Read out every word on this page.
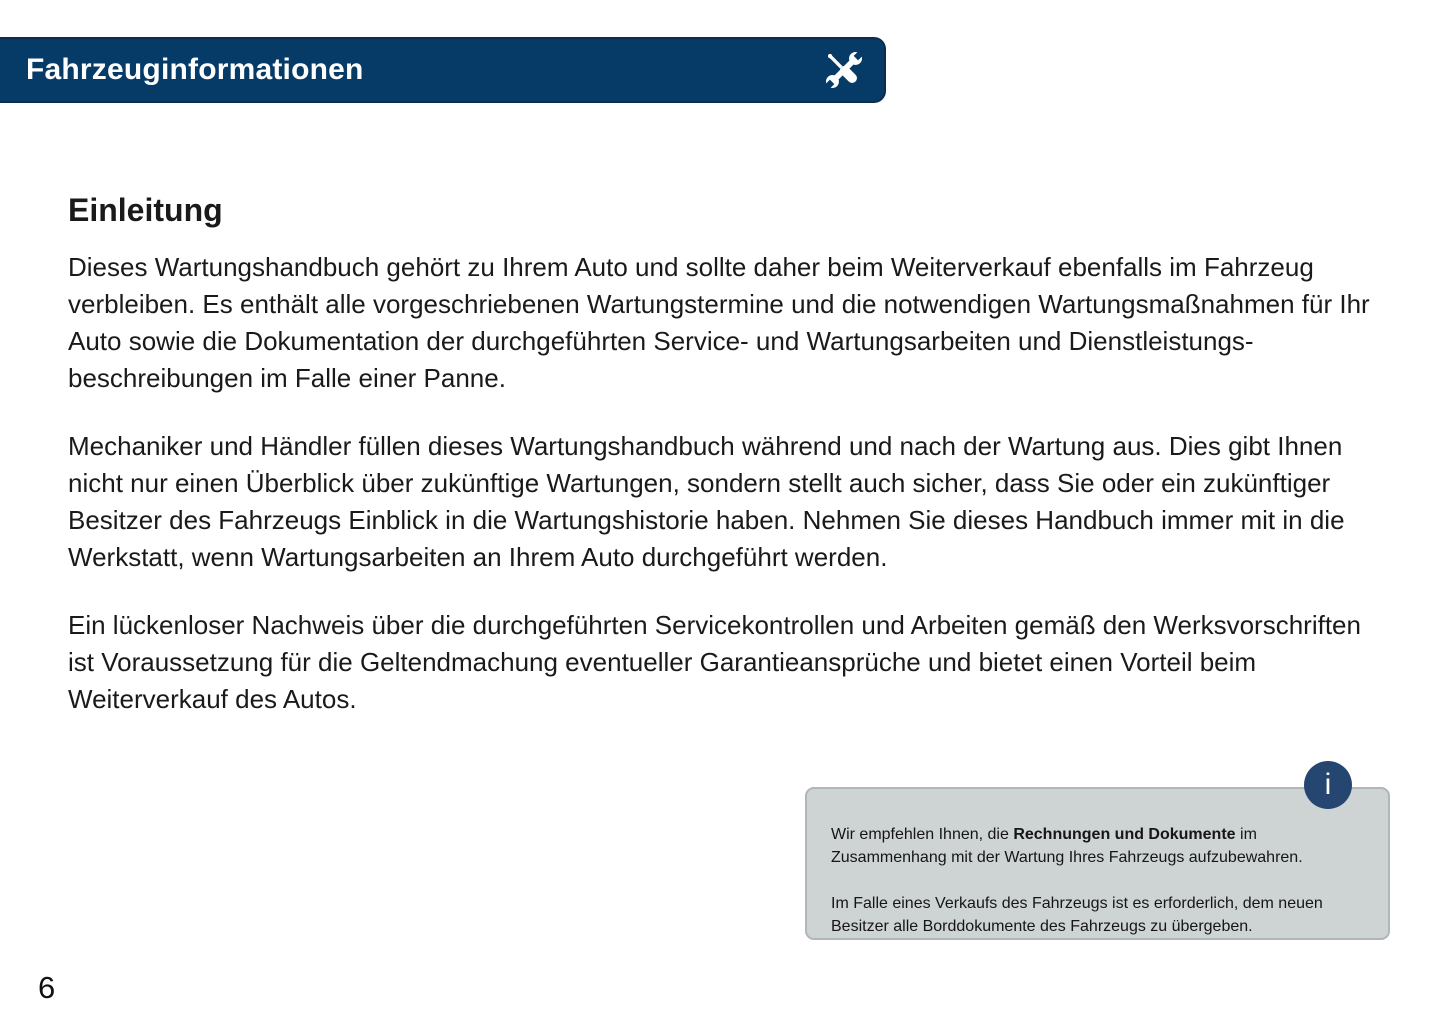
Fahrzeuginformationen
Einleitung

Dieses Wartungshandbuch gehört zu Ihrem Auto und sollte daher beim Weiterverkauf ebenfalls im Fahrzeug verbleiben. Es enthält alle vorgeschriebenen Wartungstermine und die notwendigen Wartungsmaßnahmen für Ihr Auto sowie die Dokumentation der durchgeführten Service- und Wartungsarbeiten und Dienstleistungs-beschreibungen im Falle einer Panne.

Mechaniker und Händler füllen dieses Wartungshandbuch während und nach der Wartung aus. Dies gibt Ihnen nicht nur einen Überblick über zukünftige Wartungen, sondern stellt auch sicher, dass Sie oder ein zukünftiger Besitzer des Fahrzeugs Einblick in die Wartungshistorie haben. Nehmen Sie dieses Handbuch immer mit in die Werkstatt, wenn Wartungsarbeiten an Ihrem Auto durchgeführt werden.

Ein lückenloser Nachweis über die durchgeführten Servicekontrollen und Arbeiten gemäß den Werksvorschriften ist Voraussetzung für die Geltendmachung eventueller Garantieansprüche und bietet einen Vorteil beim Weiterverkauf des Autos.

Wir empfehlen Ihnen, die Rechnungen und Dokumente im Zusammenhang mit der Wartung Ihres Fahrzeugs aufzubewahren.

Im Falle eines Verkaufs des Fahrzeugs ist es erforderlich, dem neuen Besitzer alle Borddokumente des Fahrzeugs zu übergeben.

i
6
